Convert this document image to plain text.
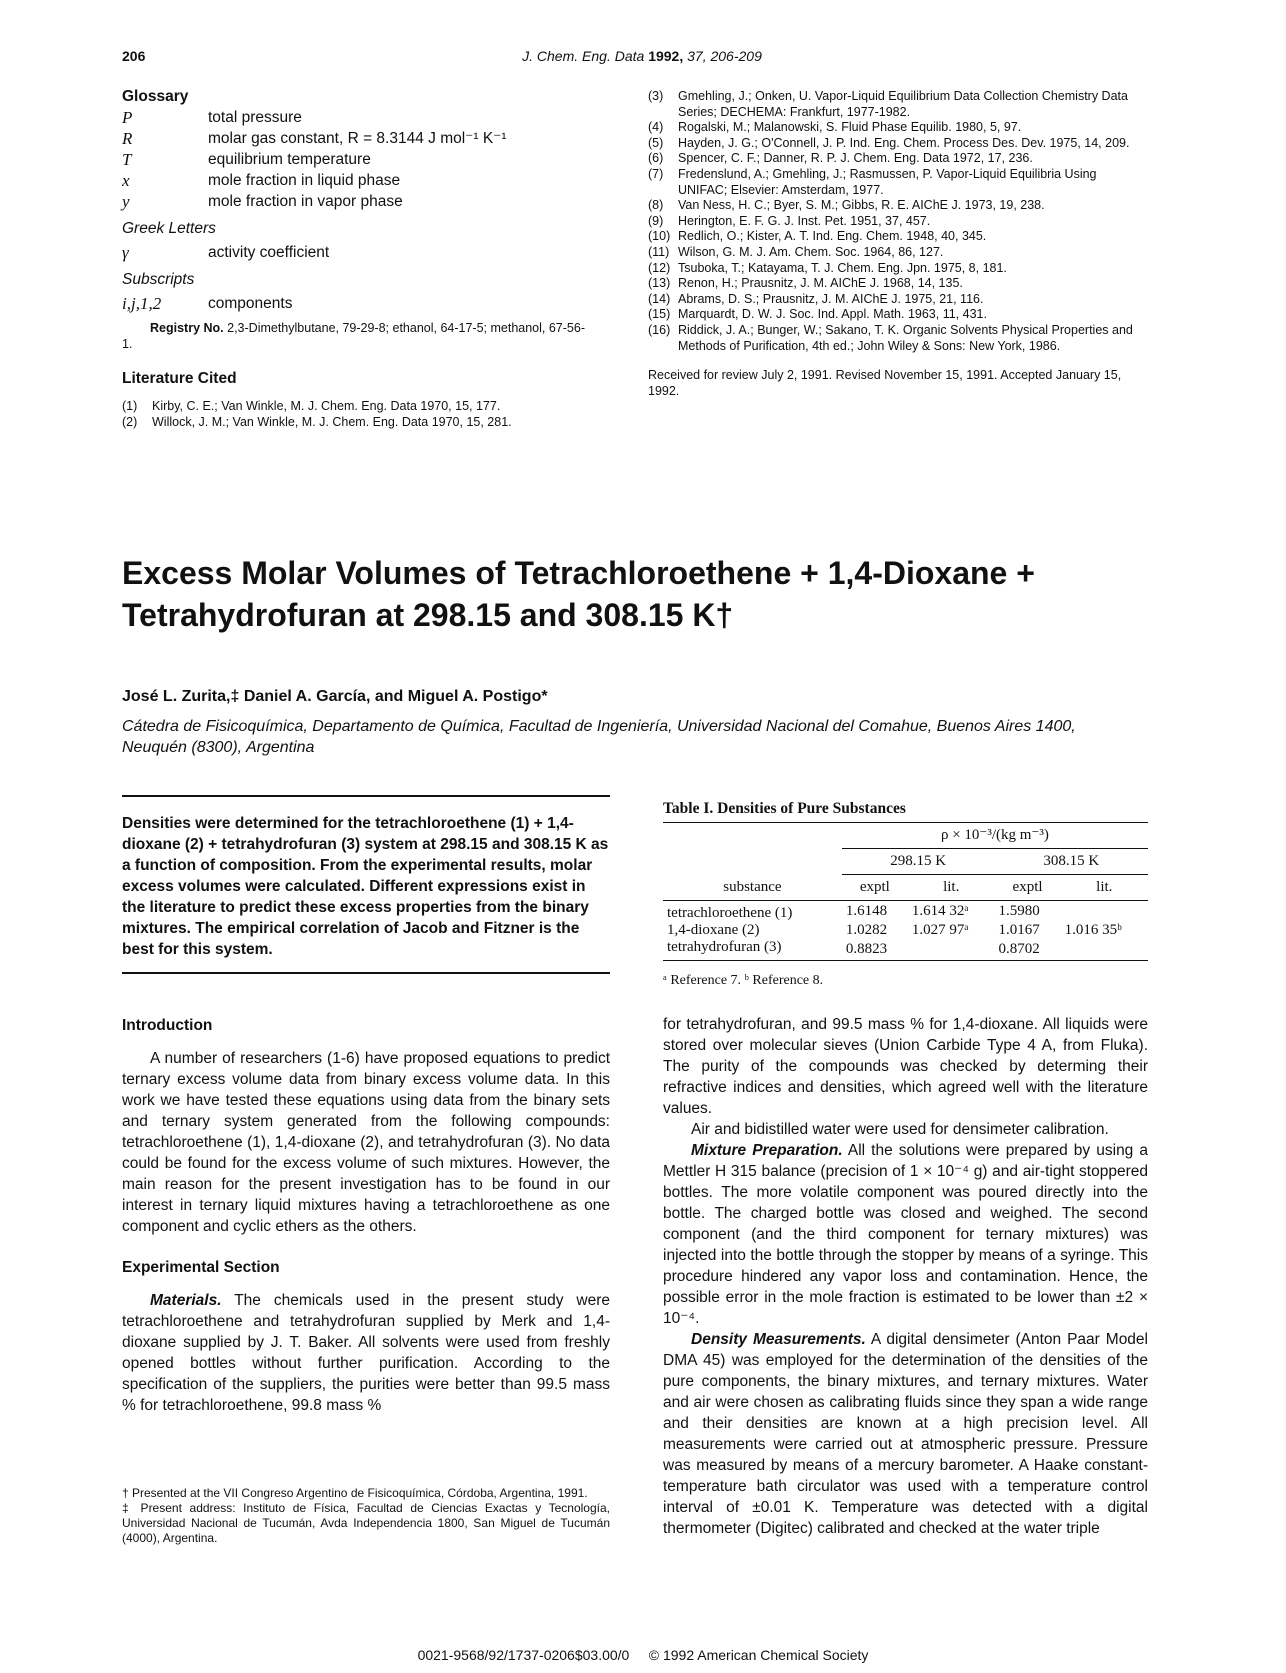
206	J. Chem. Eng. Data 1992, 37, 206-209
Glossary
P	total pressure
R	molar gas constant, R = 8.3144 J mol⁻¹ K⁻¹
T	equilibrium temperature
x	mole fraction in liquid phase
y	mole fraction in vapor phase
Greek Letters
γ	activity coefficient
Subscripts
i,j,1,2	components
Registry No. 2,3-Dimethylbutane, 79-29-8; ethanol, 64-17-5; methanol, 67-56-1.
Literature Cited
(1)	Kirby, C. E.; Van Winkle, M. J. Chem. Eng. Data 1970, 15, 177.
(2)	Willock, J. M.; Van Winkle, M. J. Chem. Eng. Data 1970, 15, 281.
(3)	Gmehling, J.; Onken, U. Vapor-Liquid Equilibrium Data Collection Chemistry Data Series; DECHEMA: Frankfurt, 1977-1982.
(4)	Rogalski, M.; Malanowski, S. Fluid Phase Equilib. 1980, 5, 97.
(5)	Hayden, J. G.; O'Connell, J. P. Ind. Eng. Chem. Process Des. Dev. 1975, 14, 209.
(6)	Spencer, C. F.; Danner, R. P. J. Chem. Eng. Data 1972, 17, 236.
(7)	Fredenslund, A.; Gmehling, J.; Rasmussen, P. Vapor-Liquid Equilibria Using UNIFAC; Elsevier: Amsterdam, 1977.
(8)	Van Ness, H. C.; Byer, S. M.; Gibbs, R. E. AIChE J. 1973, 19, 238.
(9)	Herington, E. F. G. J. Inst. Pet. 1951, 37, 457.
(10) Redlich, O.; Kister, A. T. Ind. Eng. Chem. 1948, 40, 345.
(11) Wilson, G. M. J. Am. Chem. Soc. 1964, 86, 127.
(12) Tsuboka, T.; Katayama, T. J. Chem. Eng. Jpn. 1975, 8, 181.
(13) Renon, H.; Prausnitz, J. M. AIChE J. 1968, 14, 135.
(14) Abrams, D. S.; Prausnitz, J. M. AIChE J. 1975, 21, 116.
(15) Marquardt, D. W. J. Soc. Ind. Appl. Math. 1963, 11, 431.
(16) Riddick, J. A.; Bunger, W.; Sakano, T. K. Organic Solvents Physical Properties and Methods of Purification, 4th ed.; John Wiley & Sons: New York, 1986.
Received for review July 2, 1991. Revised November 15, 1991. Accepted January 15, 1992.
Excess Molar Volumes of Tetrachloroethene + 1,4-Dioxane + Tetrahydrofuran at 298.15 and 308.15 K†
José L. Zurita,‡ Daniel A. García, and Miguel A. Postigo*
Cátedra de Fisicoquímica, Departamento de Química, Facultad de Ingeniería, Universidad Nacional del Comahue, Buenos Aires 1400, Neuquén (8300), Argentina
Densities were determined for the tetrachloroethene (1) + 1,4-dioxane (2) + tetrahydrofuran (3) system at 298.15 and 308.15 K as a function of composition. From the experimental results, molar excess volumes were calculated. Different expressions exist in the literature to predict these excess properties from the binary mixtures. The empirical correlation of Jacob and Fitzner is the best for this system.
Introduction

A number of researchers (1-6) have proposed equations to predict ternary excess volume data from binary excess volume data. In this work we have tested these equations using data from the binary sets and ternary system generated from the following compounds: tetrachloroethene (1), 1,4-dioxane (2), and tetrahydrofuran (3). No data could be found for the excess volume of such mixtures. However, the main reason for the present investigation has to be found in our interest in ternary liquid mixtures having a tetrachloroethene as one component and cyclic ethers as the others.

Experimental Section

Materials. The chemicals used in the present study were tetrachloroethene and tetrahydrofuran supplied by Merk and 1,4-dioxane supplied by J. T. Baker. All solvents were used from freshly opened bottles without further purification. According to the specification of the suppliers, the purities were better than 99.5 mass % for tetrachloroethene, 99.8 mass %

† Presented at the VII Congreso Argentino de Fisicoquímica, Córdoba, Argentina, 1991.
‡ Present address: Instituto de Física, Facultad de Ciencias Exactas y Tecnología, Universidad Nacional de Tucumán, Avda Independencia 1800, San Miguel de Tucumán (4000), Argentina.
Table I. Densities of Pure Substances
	ρ × 10⁻³/(kg m⁻³)			
	298.15 K		308.15 K	
substance	exptl	lit.	exptl	lit.
tetrachloroethene (1)	1.6148	1.614 32ᵃ	1.5980	
1,4-dioxane (2)	1.0282	1.027 97ᵃ	1.0167	1.016 35ᵇ
tetrahydrofuran (3)	0.8823		0.8702	
ᵃ Reference 7. ᵇ Reference 8.

for tetrahydrofuran, and 99.5 mass % for 1,4-dioxane. All liquids were stored over molecular sieves (Union Carbide Type 4 A, from Fluka). The purity of the compounds was checked by determing their refractive indices and densities, which agreed well with the literature values.

Air and bidistilled water were used for densimeter calibration.

Mixture Preparation. All the solutions were prepared by using a Mettler H 315 balance (precision of 1 × 10⁻⁴ g) and air-tight stoppered bottles. The more volatile component was poured directly into the bottle. The charged bottle was closed and weighed. The second component (and the third component for ternary mixtures) was injected into the bottle through the stopper by means of a syringe. This procedure hindered any vapor loss and contamination. Hence, the possible error in the mole fraction is estimated to be lower than ±2 × 10⁻⁴.

Density Measurements. A digital densimeter (Anton Paar Model DMA 45) was employed for the determination of the densities of the pure components, the binary mixtures, and ternary mixtures. Water and air were chosen as calibrating fluids since they span a wide range and their densities are known at a high precision level. All measurements were carried out at atmospheric pressure. Pressure was measured by means of a mercury barometer. A Haake constant-temperature bath circulator was used with a temperature control interval of ±0.01 K. Temperature was detected with a digital thermometer (Digitec) calibrated and checked at the water triple

0021-9568/92/1737-0206$03.00/0 © 1992 American Chemical Society
